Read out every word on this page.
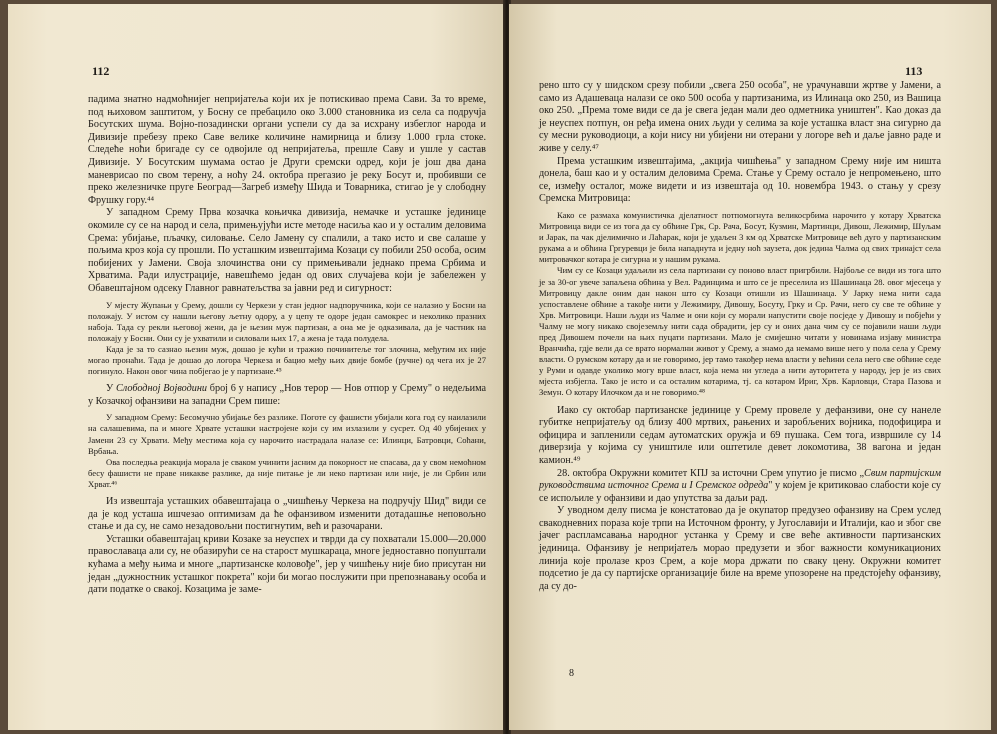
112

падима знатно надмоћнијег непријатеља који их је потискивао према Сави. За то време, под њиховом заштитом, у Босну се пребацило око 3.000 становника из села са подручја Босутских шума. Војно-позадински органи успели су да за исхрану избеглог народа и Дивизије пребезу преко Саве велике количине намирница и близу 1.000 грла стоке. Следеће ноћи бригаде су се одвојиле од непријатеља, прешле Саву и ушле у састав Дивизије. У Босутским шумама остао је Други сремски одред, који је још два дана маневрисао по свом терену, а ноћу 24. октобра прегазио је реку Босут и, пробивши се преко железничке пруге Београд—Загреб између Шида и Товарника, стигао је у слободну Фрушку гору.⁴⁴

У западном Срему Прва козачка коњичка дивизија, немачке и усташке јединице окомиле су се на народ и села, примењујући исте методе насиља као и у осталим деловима Срема: убијање, пљачку, силовање. Село Јамену су спалили, а тако исто и све салаше у пољима кроз која су прошли. По усташким извештајима Козаци су побили 250 особа, осим побијених у Јамени. Своја злочинства они су примењивали једнако према Србима и Хрватима. Ради илустрације, навешћемо један од ових случајева који је забележен у Обавештајном одсеку Главног равнатељства за јавни ред и сигурност:

У мјесту Жупањи у Срему, дошли су Черкези у стан једног надпоручника, који се налазио у Босни на положају. У истом су нашли његову љетну одору, а у цепу те одоре један самокрес и неколико празних набоја. Тада су рекли његовој жени, да је њезин муж партизан, а она ме је одказивала, да је частник на положају у Босни. Они су је ухватили и силовали њих 17, а жена је тада полудела.

Када је за то сазнао њезин муж, дошао је кући и тражио починитеље тог злочина, међутим их није могао пронаћи. Тада је дошао до логора Черкеза и бацио међу њих двије бомбе (ручне) од чега их је 27 погинуло. Након овог чина побјегао је у партизане.⁴⁵

У Слободној Војводини број 6 у напису „Нов терор — Нов отпор у Срему" о недељима у Козачкој офанзиви на западни Срем пише:

У западном Срему: Бесомучно убијање без разлике. Поготе су фашисти убијали кога год су наилазили на салашевима, па и многе Хрвате усташки настројене који су им излазили у сусрет. Од 40 убијених у Јамени 23 су Хрвати. Међу местима која су нарочито настрадала налазе се: Илинци, Батровци, Соћани, Врбања.

Ова последња реакција морала је сваком учинити јасним да покорност не спасава, да у свом немоћном бесу фашисти не праве никакве разлике, да није питање је ли неко партизан или није, је ли Србин или Хрват.⁴⁶

Из извештаја усташких обавештајаца о „чишћењу Черкеза на подручју Шид" види се да је код усташа ишчезао оптимизам да ће офанзивом изменити дотадашње неповољно стање и да су, не само незадовољни постигнутим, већ и разочарани.

Усташки обавештајац криви Козаке за неуспех и тврди да су похватали 15.000—20.000 православаца али су, не обазирући се на старост мушкараца, многе једноставно попуштали кућама а међу њима и многе „партизанске коловође", јер у чишћењу није био присутан ни један „дужностник усташког покрета" који би могао послужити при препознавању особа и дати податке о свакој. Козацима је заме-

113

рено што су у шидском срезу побили „свега 250 особа", не урачунавши жртве у Јамени, а само из Адашеваца налази се око 500 особа у партизанима, из Илинаца око 250, из Вашица око 250. „Према томе види се да је свега један мали део одметника уништен". Као доказ да је неуспех потпун, он ређа имена оних људи у селима за које усташка власт зна сигурно да су месни руководиоци, а који нису ни убијени ни отерани у логоре већ и даље јавно раде и живе у селу.⁴⁷

Према усташким извештајима, „акција чишћења" у западном Срему није им ништа донела, баш као и у осталим деловима Срема. Стање у Срему остало је непромењено, што се, између осталог, може видети и из извештаја од 10. новембра 1943. о стању у срезу Сремска Митровица:

Како се размаха комунистичка дјелатност потпомогнута великосрбима нарочито у котару Хрватска Митровица види се из тога да су обћине Грк, Ср. Рача, Босут, Кузмин, Мартинци, Дивош, Лежимир, Шуљам и Јарак, па чак дјелимично и Лаћарак, који је удаљен 3 км од Хрватске Митровице већ дуго у партизанским рукама а и обћина Гргуревци је била нападнута и једну ноћ заузета, док једина Чалма од свих тринајст села митровачког котара је сигурна и у нашим рукама.

Чим су се Козаци удаљили из села партизани су поново власт пригрбили. Најбоље се види из тога што је за 30-ог увече запаљена обћина у Вел. Радинцима и што се је преселила из Шашинаца 28. овог мјесеца у Митровицу дакле оним дан након што су Козаци отишли из Шашинаца. У Јарку нема нити сада успоставлене обћине а такође нити у Лежимиру, Дивошу, Босуту, Грку и Ср. Рачи, него су све те обћине у Хрв. Митровици. Наши људи из Чалме и они који су морали напустити своје посједе у Дивошу и побјећи у Чалму не могу никако својеземљу нити сада обрадити, јер су и оних дана чим су се појавили наши људи пред Дивошем почели на њих пуцати партизани. Мало је смијешно читати у новинама изјаву министра Вранчића, гдје вели да се врато нормални живот у Срему, а знамо да немамо више него у пола села у Срему власти. О румском котару да и не говоримо, јер тамо такођер нема власти у већини села него све обћине седе у Руми и одавде уколико могу врше власт, која нема ни угледа а нити ауторитета у народу, јер је из свих мјеста избјегла. Тако је исто и са осталим котарима, тј. са котаром Ириг, Хрв. Карловци, Стара Пазова и Земун. О котару Илочком да и не говоримо.⁴⁸

Иако су октобар партизанске јединице у Срему провеле у дефанзиви, оне су нанеле губитке непријатељу од близу 400 мртвих, рањених и заробљених војника, подофицира и официра и запленили седам аутоматских оружја и 69 пушака. Сем тога, извршиле су 14 диверзија у којима су уништиле или оштетиле девет локомотива, 38 вагона и један камион.⁴⁹

28. октобра Окружни комитет КПЈ за источни Срем упутио је писмо „Свим партијским руководствима источног Срема и I Сремског одреда" у којем је критиковао слабости које су се испољиле у офанзиви и дао упутства за даљи рад.

У уводном делу писма је констатовао да је окупатор предузео офанзиву на Срем услед свакодневних пораза које трпи на Источном фронту, у Југославији и Италији, као и због све јачег распламсавања народног устанка у Срему и све веће активности партизанских јединица. Офанзиву је непријатељ морао предузети и због важности комуникационих линија које пролазе кроз Срем, а које мора држати по сваку цену. Окружни комитет подсетио је да су партијске организације биле на време упозорене на предстојећу офанзиву, да су до-

8
